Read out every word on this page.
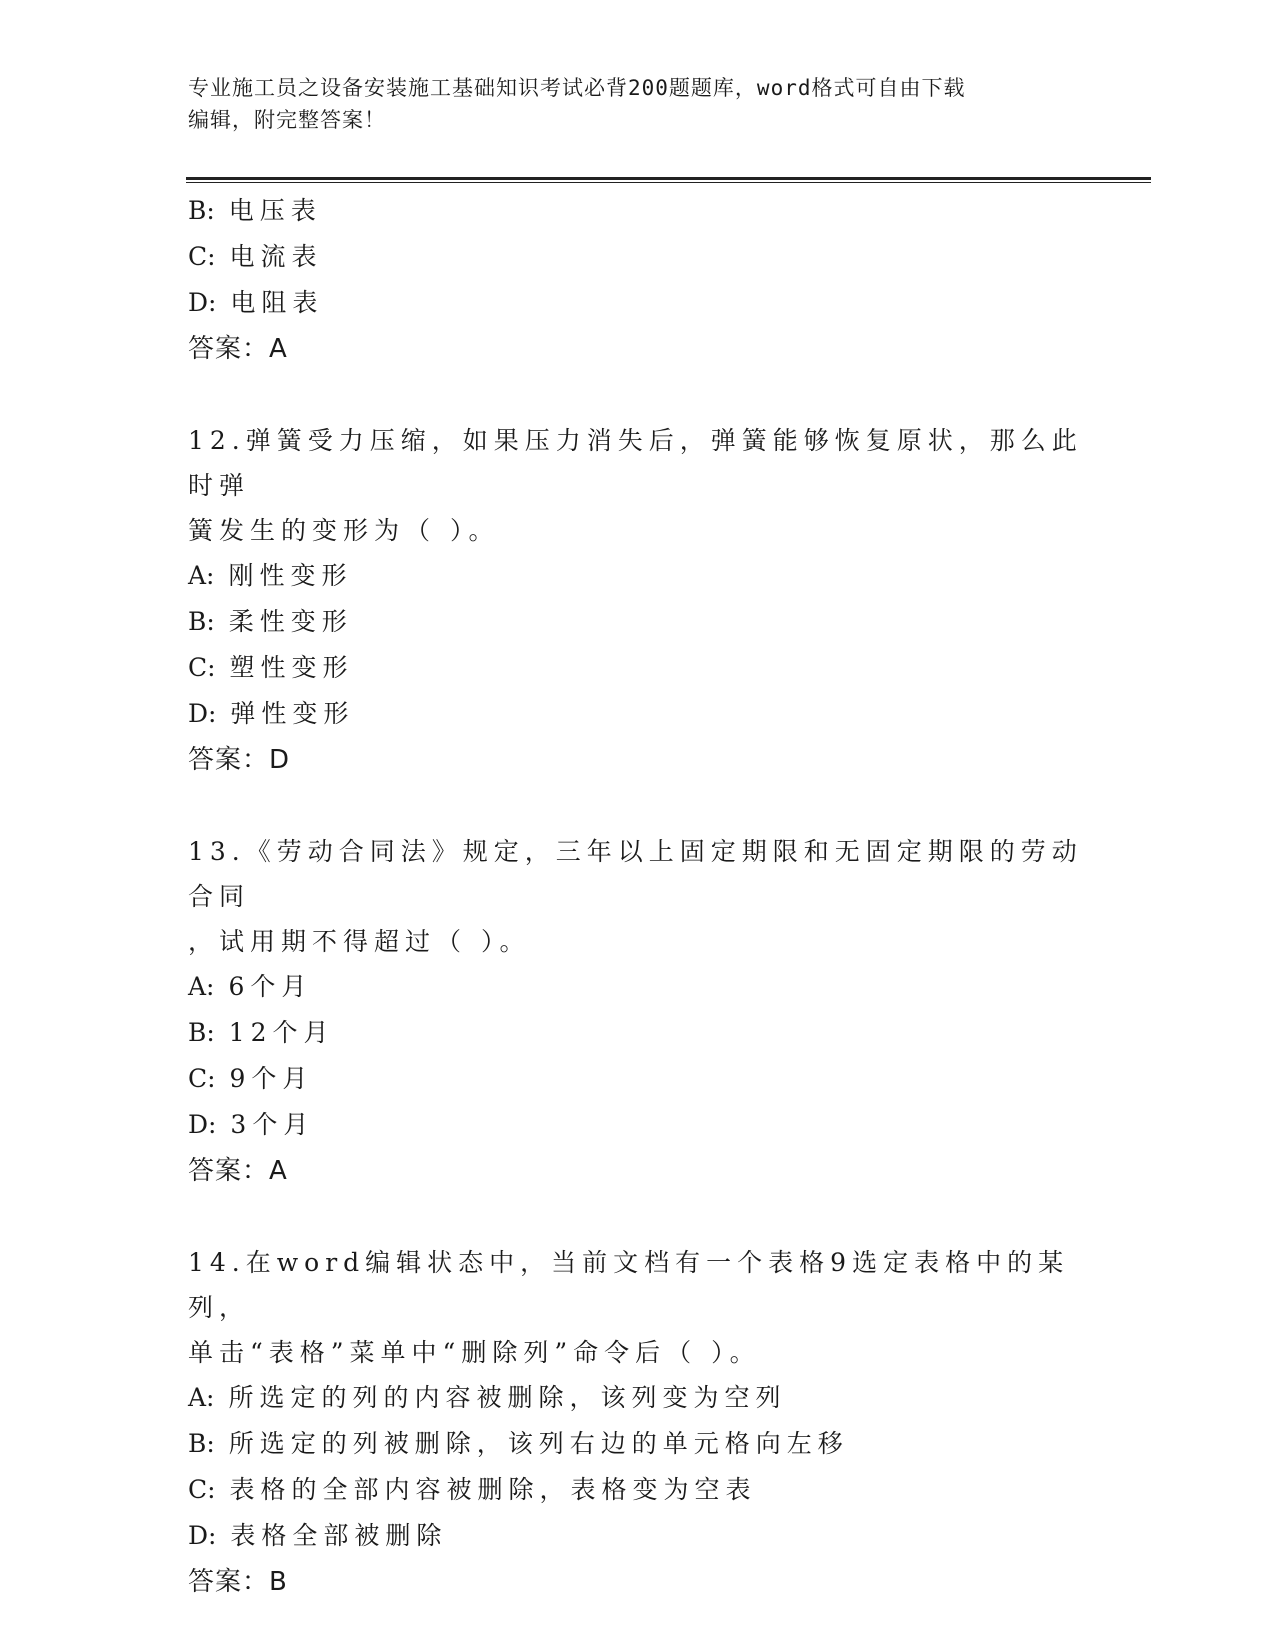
专业施工员之设备安装施工基础知识考试必背200题题库，word格式可自由下载
编辑，附完整答案！
B: 电压表
C: 电流表
D: 电阻表
答案：A
12.弹簧受力压缩，如果压力消失后，弹簧能够恢复原状，那么此时弹
簧发生的变形为（ ）。
A: 刚性变形
B: 柔性变形
C: 塑性变形
D: 弹性变形
答案：D
13.《劳动合同法》规定，三年以上固定期限和无固定期限的劳动合同
，试用期不得超过（ ）。
A: 6个月
B: 12个月
C: 9个月
D: 3个月
答案：A
14.在word编辑状态中，当前文档有一个表格9选定表格中的某列，
单击“表格”菜单中“删除列”命令后（ ）。
A: 所选定的列的内容被删除，该列变为空列
B: 所选定的列被删除，该列右边的单元格向左移
C: 表格的全部内容被删除，表格变为空表
D: 表格全部被删除
答案：B
